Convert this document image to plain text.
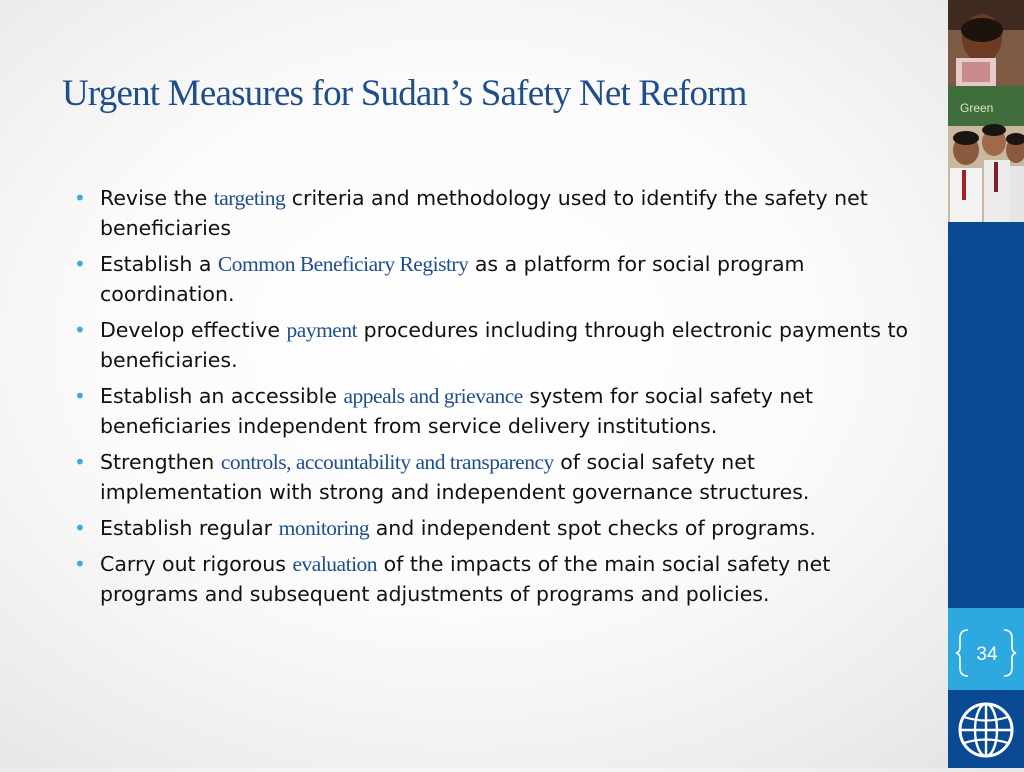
Urgent Measures for Sudan’s Safety Net Reform
• Revise the targeting criteria and methodology used to identify the safety net beneficiaries
• Establish a Common Beneficiary Registry as a platform for social program coordination.
• Develop effective payment procedures including through electronic payments to beneficiaries.
• Establish an accessible appeals and grievance system for social safety net beneficiaries independent from service delivery institutions.
• Strengthen controls, accountability and transparency of social safety net implementation with strong and independent governance structures.
• Establish regular monitoring and independent spot checks of programs.
• Carry out rigorous evaluation of the impacts of the main social safety net programs and subsequent adjustments of programs and policies.
Green
34
